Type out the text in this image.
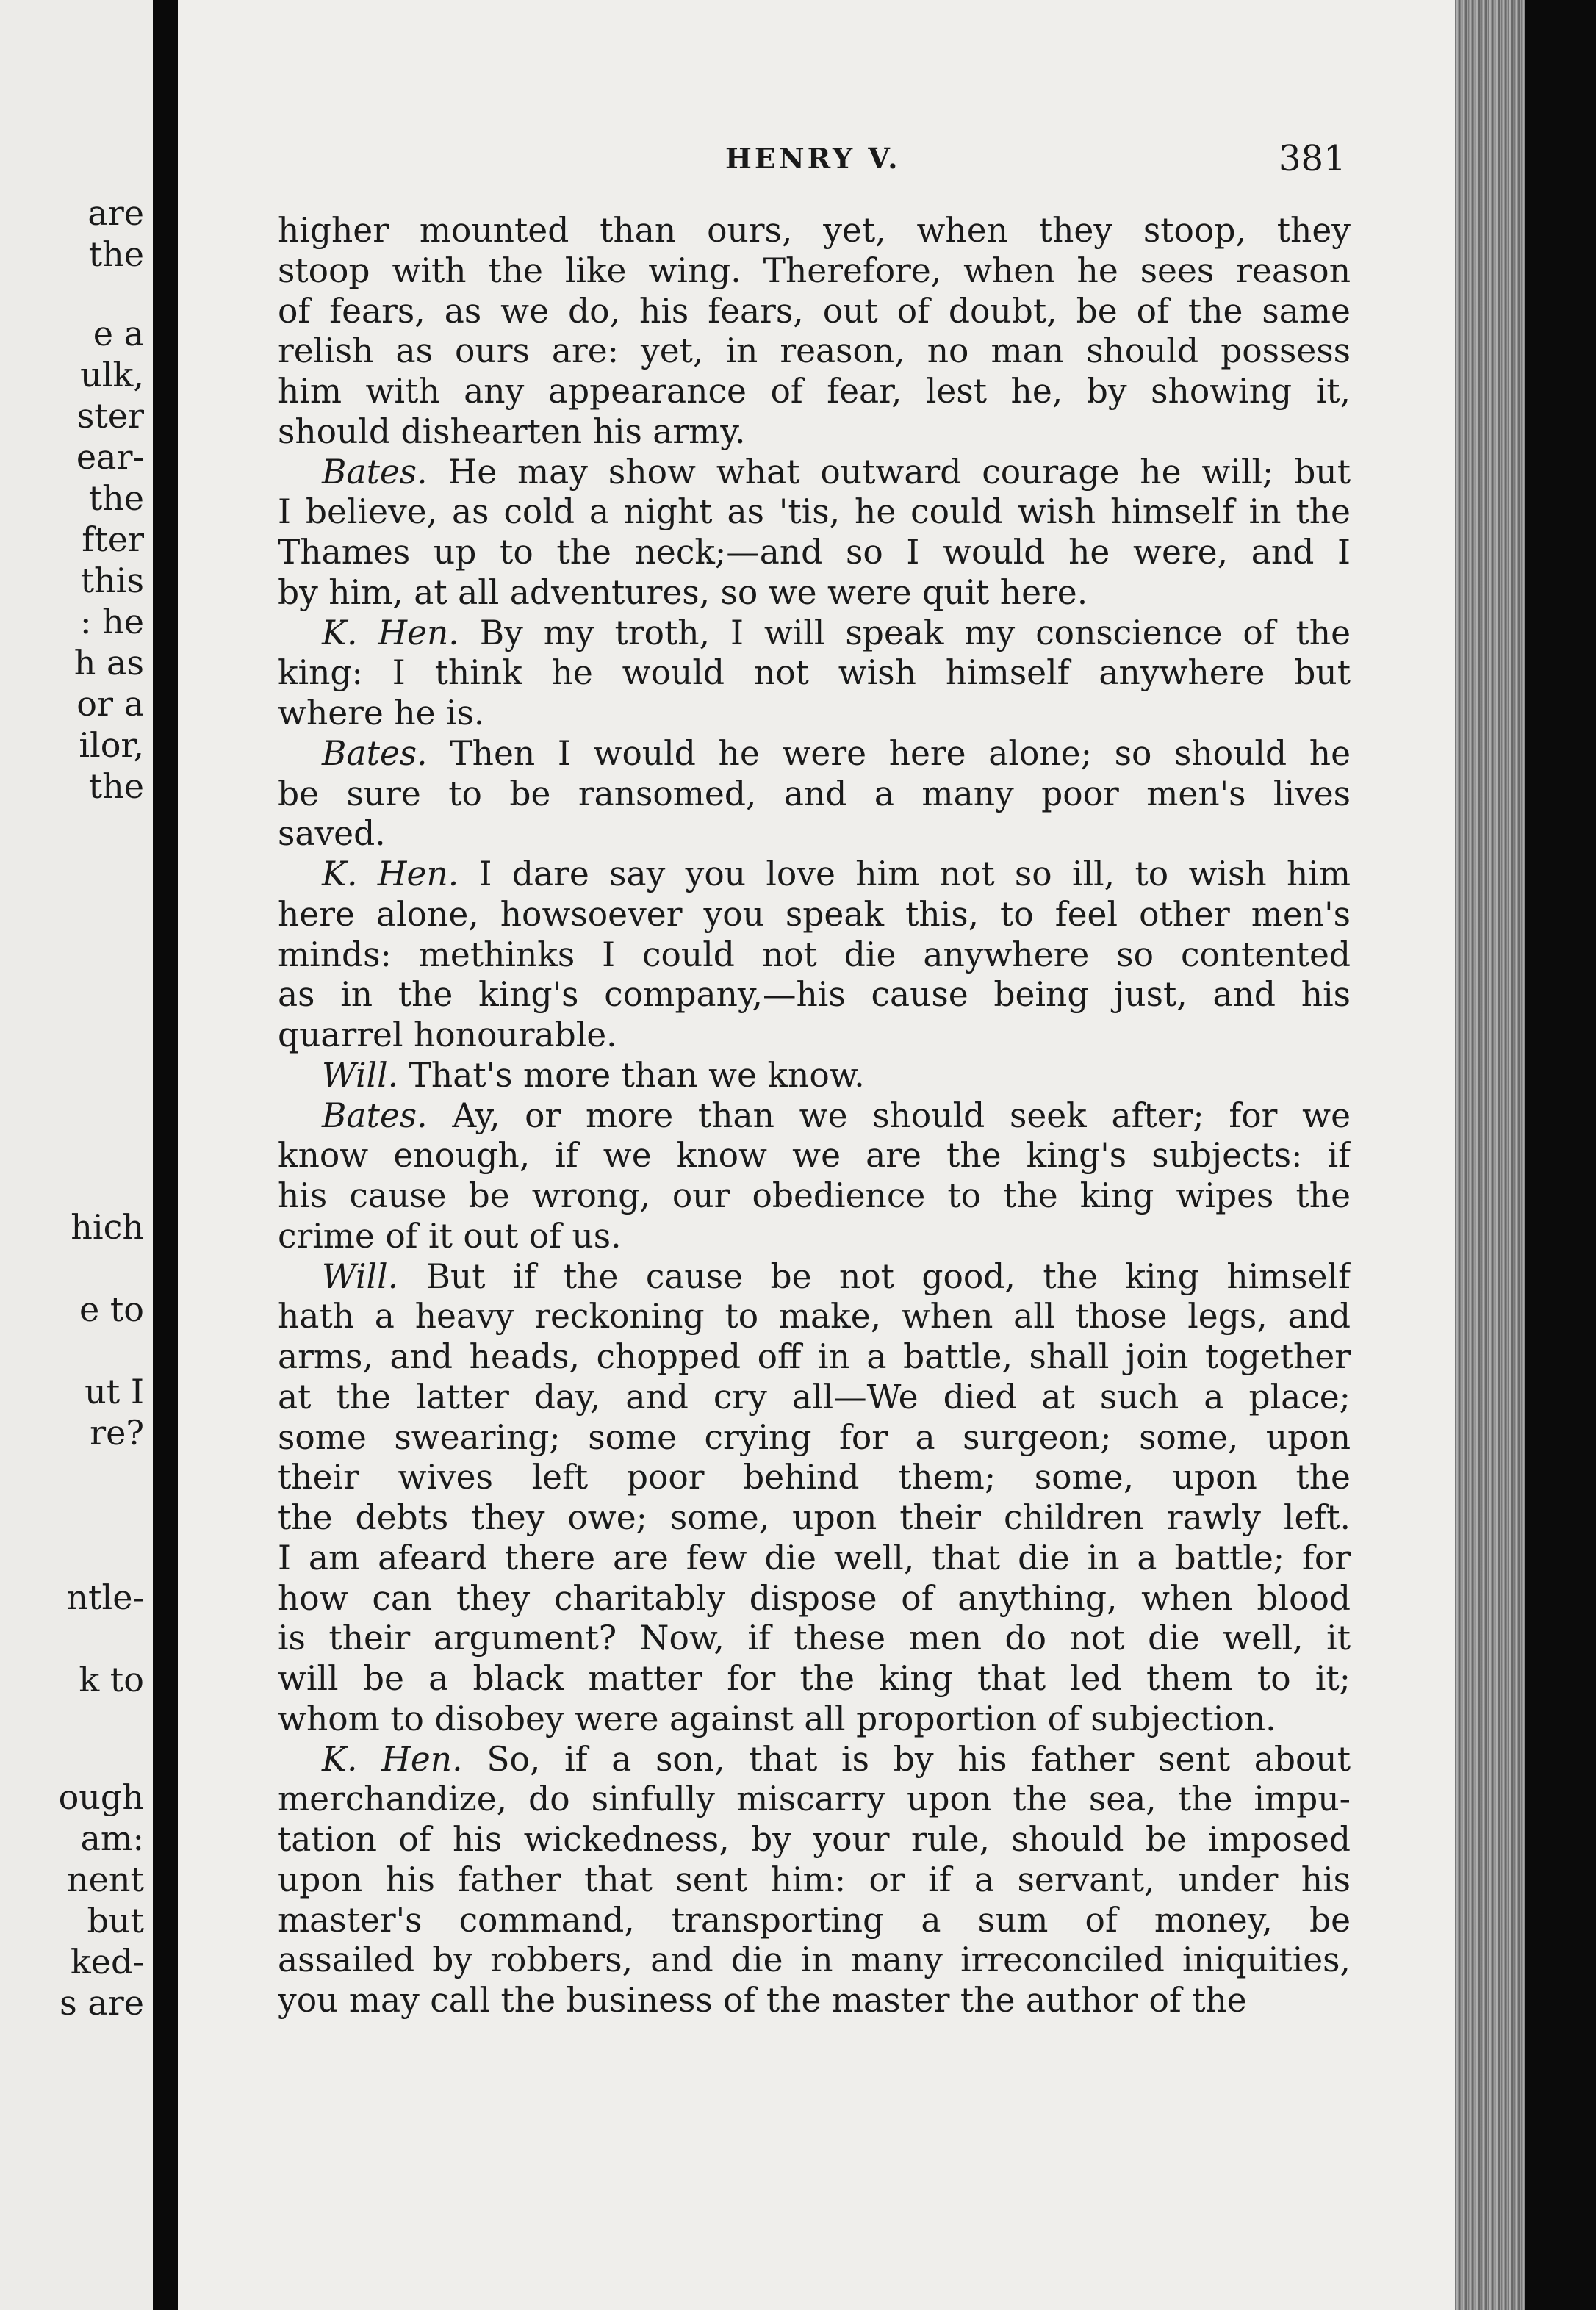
are
the
e a
ulk,
ster
ear-
the
fter
this
: he
h as
or a
ilor,
the
hich
e to
ut I
re?
ntle-
k to
ough
am:
nent
but
ked-
s are
HENRY V.	381
higher mounted than ours, yet, when they stoop, they
stoop with the like wing. Therefore, when he sees reason
of fears, as we do, his fears, out of doubt, be of the same
relish as ours are: yet, in reason, no man should possess
him with any appearance of fear, lest he, by showing it,
should dishearten his army.
Bates. He may show what outward courage he will; but
I believe, as cold a night as 'tis, he could wish himself in the
Thames up to the neck;—and so I would he were, and I
by him, at all adventures, so we were quit here.
K. Hen. By my troth, I will speak my conscience of the
king: I think he would not wish himself anywhere but
where he is.
Bates. Then I would he were here alone; so should he
be sure to be ransomed, and a many poor men's lives
saved.
K. Hen. I dare say you love him not so ill, to wish him
here alone, howsoever you speak this, to feel other men's
minds: methinks I could not die anywhere so contented
as in the king's company,—his cause being just, and his
quarrel honourable.
Will. That's more than we know.
Bates. Ay, or more than we should seek after; for we
know enough, if we know we are the king's subjects: if
his cause be wrong, our obedience to the king wipes the
crime of it out of us.
Will. But if the cause be not good, the king himself
hath a heavy reckoning to make, when all those legs, and
arms, and heads, chopped off in a battle, shall join together
at the latter day, and cry all—We died at such a place;
some swearing; some crying for a surgeon; some, upon
their wives left poor behind them; some, upon the
the debts they owe; some, upon their children rawly left.
I am afeard there are few die well, that die in a battle; for
how can they charitably dispose of anything, when blood
is their argument? Now, if these men do not die well, it
will be a black matter for the king that led them to it;
whom to disobey were against all proportion of subjection.
K. Hen. So, if a son, that is by his father sent about
merchandize, do sinfully miscarry upon the sea, the impu-
tation of his wickedness, by your rule, should be imposed
upon his father that sent him: or if a servant, under his
master's command, transporting a sum of money, be
assailed by robbers, and die in many irreconciled iniquities,
you may call the business of the master the author of the
